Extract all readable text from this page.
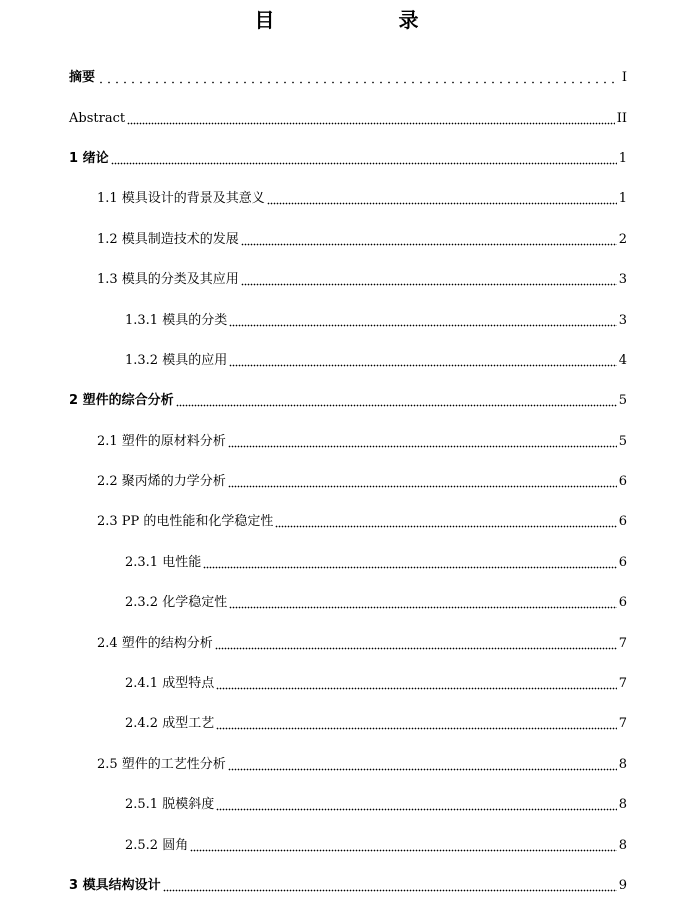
目　录
摘要	I
Abstract	II
1 绪论	1
1.1 模具设计的背景及其意义	1
1.2 模具制造技术的发展	2
1.3 模具的分类及其应用	3
1.3.1 模具的分类	3
1.3.2 模具的应用	4
2 塑件的综合分析	5
2.1 塑件的原材料分析	5
2.2 聚丙烯的力学分析	6
2.3 PP 的电性能和化学稳定性	6
2.3.1 电性能	6
2.3.2 化学稳定性	6
2.4 塑件的结构分析	7
2.4.1 成型特点	7
2.4.2 成型工艺	7
2.5 塑件的工艺性分析	8
2.5.1 脱模斜度	8
2.5.2 圆角	8
3 模具结构设计	9
